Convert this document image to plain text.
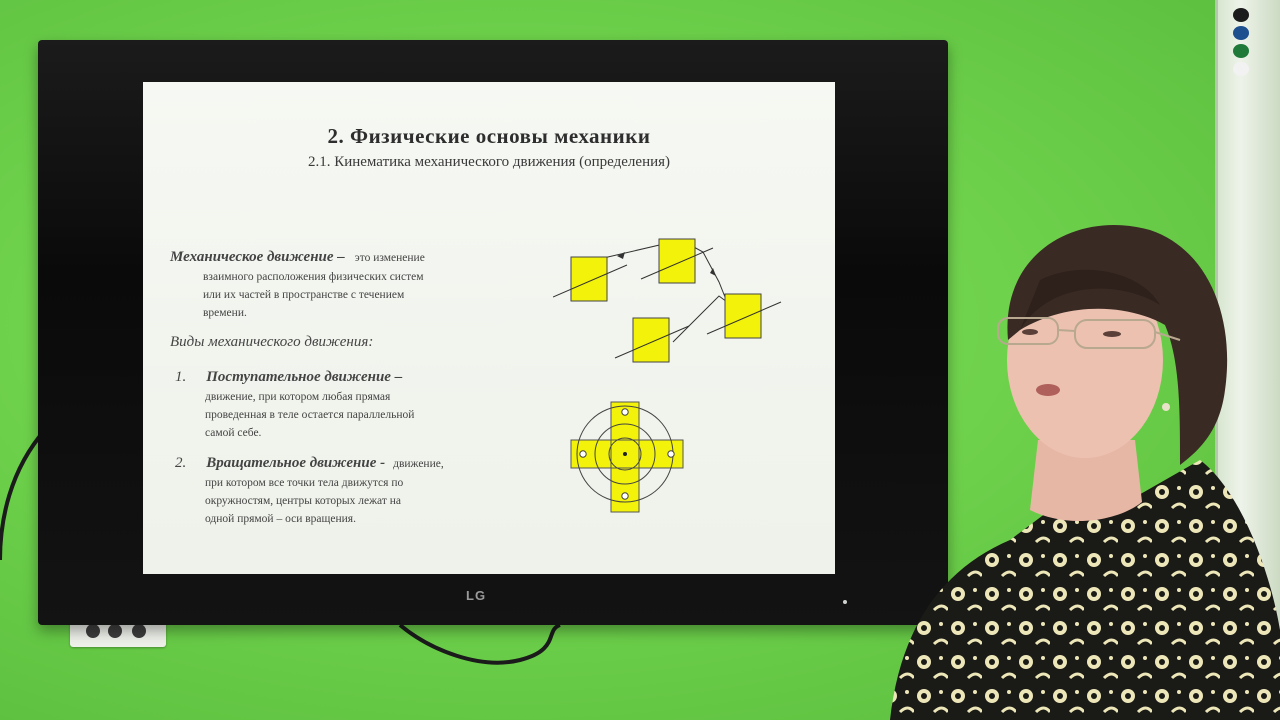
2. Физические основы механики
2.1. Кинематика механического движения (определения)
Механическое движение – это изменение
взаимного расположения физических систем
или их частей в пространстве с течением
времени.
Виды механического движения:
1. Поступательное движение –
движение, при котором любая прямая
проведенная в теле остается параллельной
самой себе.
2. Вращательное движение - движение,
при котором все точки тела движутся по
окружностям, центры которых лежат на
одной прямой – оси вращения.
LG
